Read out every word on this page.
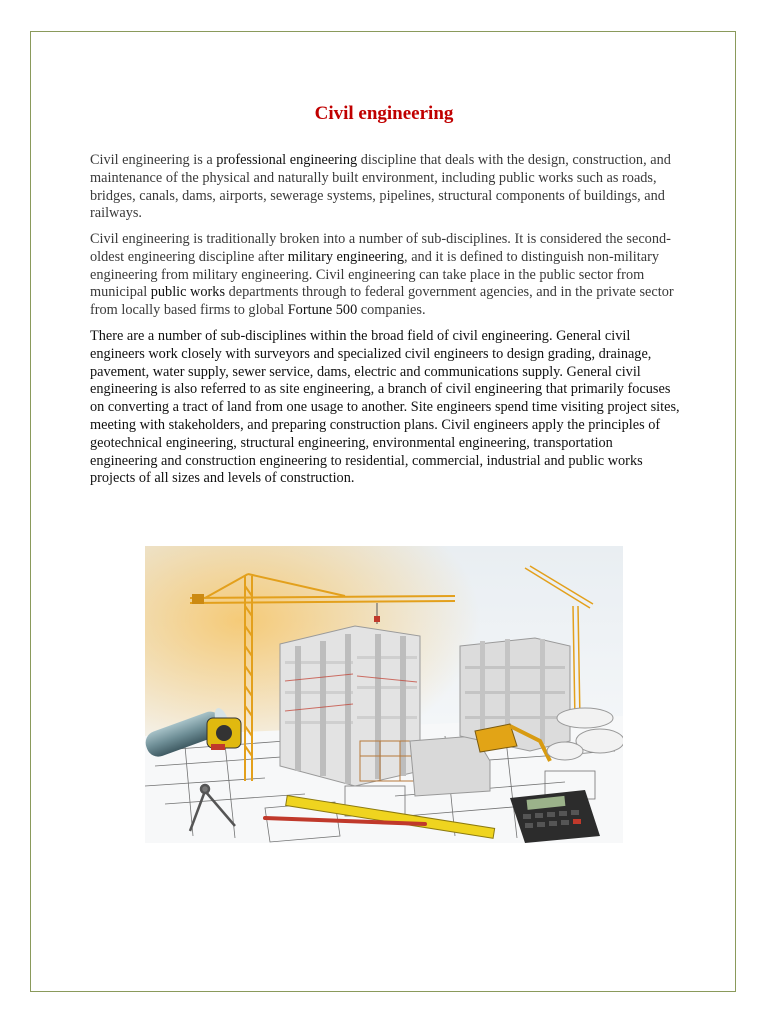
Civil engineering

Civil engineering is a professional engineering discipline that deals with the design, construction, and maintenance of the physical and naturally built environment, including public works such as roads, bridges, canals, dams, airports, sewerage systems, pipelines, structural components of buildings, and railways.

Civil engineering is traditionally broken into a number of sub-disciplines. It is considered the second-oldest engineering discipline after military engineering, and it is defined to distinguish non-military engineering from military engineering. Civil engineering can take place in the public sector from municipal public works departments through to federal government agencies, and in the private sector from locally based firms to global Fortune 500 companies.

There are a number of sub-disciplines within the broad field of civil engineering. General civil engineers work closely with surveyors and specialized civil engineers to design grading, drainage, pavement, water supply, sewer service, dams, electric and communications supply. General civil engineering is also referred to as site engineering, a branch of civil engineering that primarily focuses on converting a tract of land from one usage to another. Site engineers spend time visiting project sites, meeting with stakeholders, and preparing construction plans. Civil engineers apply the principles of geotechnical engineering, structural engineering, environmental engineering, transportation engineering and construction engineering to residential, commercial, industrial and public works projects of all sizes and levels of construction.
